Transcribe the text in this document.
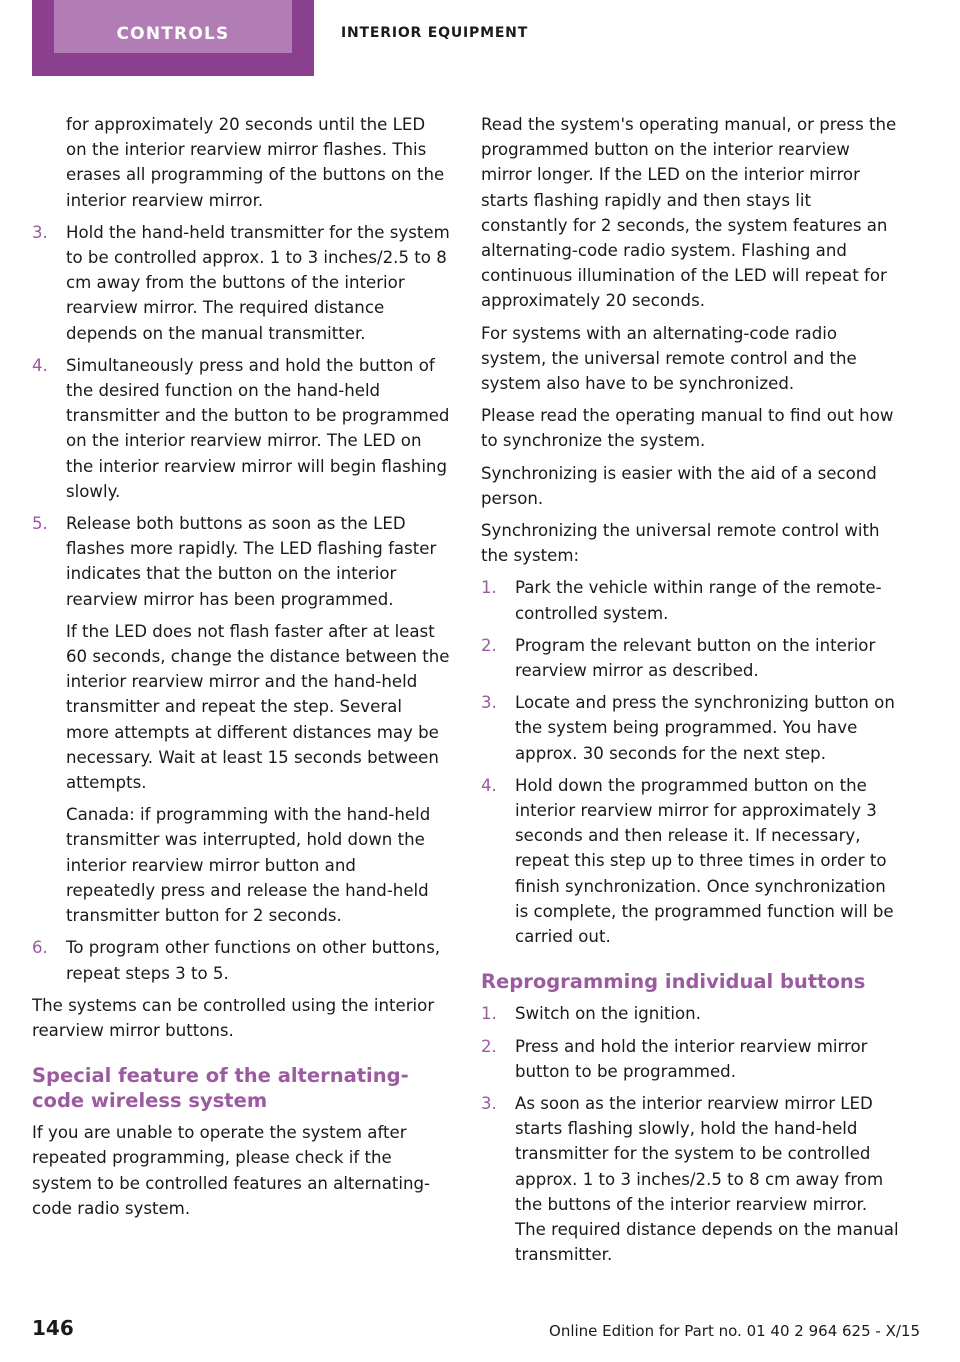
CONTROLS	INTERIOR EQUIPMENT

for approximately 20 seconds until the LED on the interior rearview mirror flashes. This erases all programming of the buttons on the interior rearview mirror.

3.	Hold the hand-held transmitter for the system to be controlled approx. 1 to 3 inches/2.5 to 8 cm away from the buttons of the interior rearview mirror. The required distance depends on the manual transmitter.
4.	Simultaneously press and hold the button of the desired function on the hand-held transmitter and the button to be programmed on the interior rearview mirror. The LED on the interior rearview mirror will begin flashing slowly.
5.	Release both buttons as soon as the LED flashes more rapidly. The LED flashing faster indicates that the button on the interior rearview mirror has been programmed.

If the LED does not flash faster after at least 60 seconds, change the distance between the interior rearview mirror and the hand-held transmitter and repeat the step. Several more attempts at different distances may be necessary. Wait at least 15 seconds between attempts.

Canada: if programming with the hand-held transmitter was interrupted, hold down the interior rearview mirror button and repeatedly press and release the hand-held transmitter button for 2 seconds.

6.	To program other functions on other buttons, repeat steps 3 to 5.

The systems can be controlled using the interior rearview mirror buttons.

Special feature of the alternating-code wireless system

If you are unable to operate the system after repeated programming, please check if the system to be controlled features an alternating-code radio system.

Read the system's operating manual, or press the programmed button on the interior rearview mirror longer. If the LED on the interior mirror starts flashing rapidly and then stays lit constantly for 2 seconds, the system features an alternating-code radio system. Flashing and continuous illumination of the LED will repeat for approximately 20 seconds.

For systems with an alternating-code radio system, the universal remote control and the system also have to be synchronized.

Please read the operating manual to find out how to synchronize the system.

Synchronizing is easier with the aid of a second person.

Synchronizing the universal remote control with the system:

1.	Park the vehicle within range of the remote-controlled system.
2.	Program the relevant button on the interior rearview mirror as described.
3.	Locate and press the synchronizing button on the system being programmed. You have approx. 30 seconds for the next step.
4.	Hold down the programmed button on the interior rearview mirror for approximately 3 seconds and then release it. If necessary, repeat this step up to three times in order to finish synchronization. Once synchronization is complete, the programmed function will be carried out.
Reprogramming individual buttons
1.	Switch on the ignition.
2.	Press and hold the interior rearview mirror button to be programmed.
3.	As soon as the interior rearview mirror LED starts flashing slowly, hold the hand-held transmitter for the system to be controlled approx. 1 to 3 inches/2.5 to 8 cm away from the buttons of the interior rearview mirror. The required distance depends on the manual transmitter.
146	Online Edition for Part no. 01 40 2 964 625 - X/15
